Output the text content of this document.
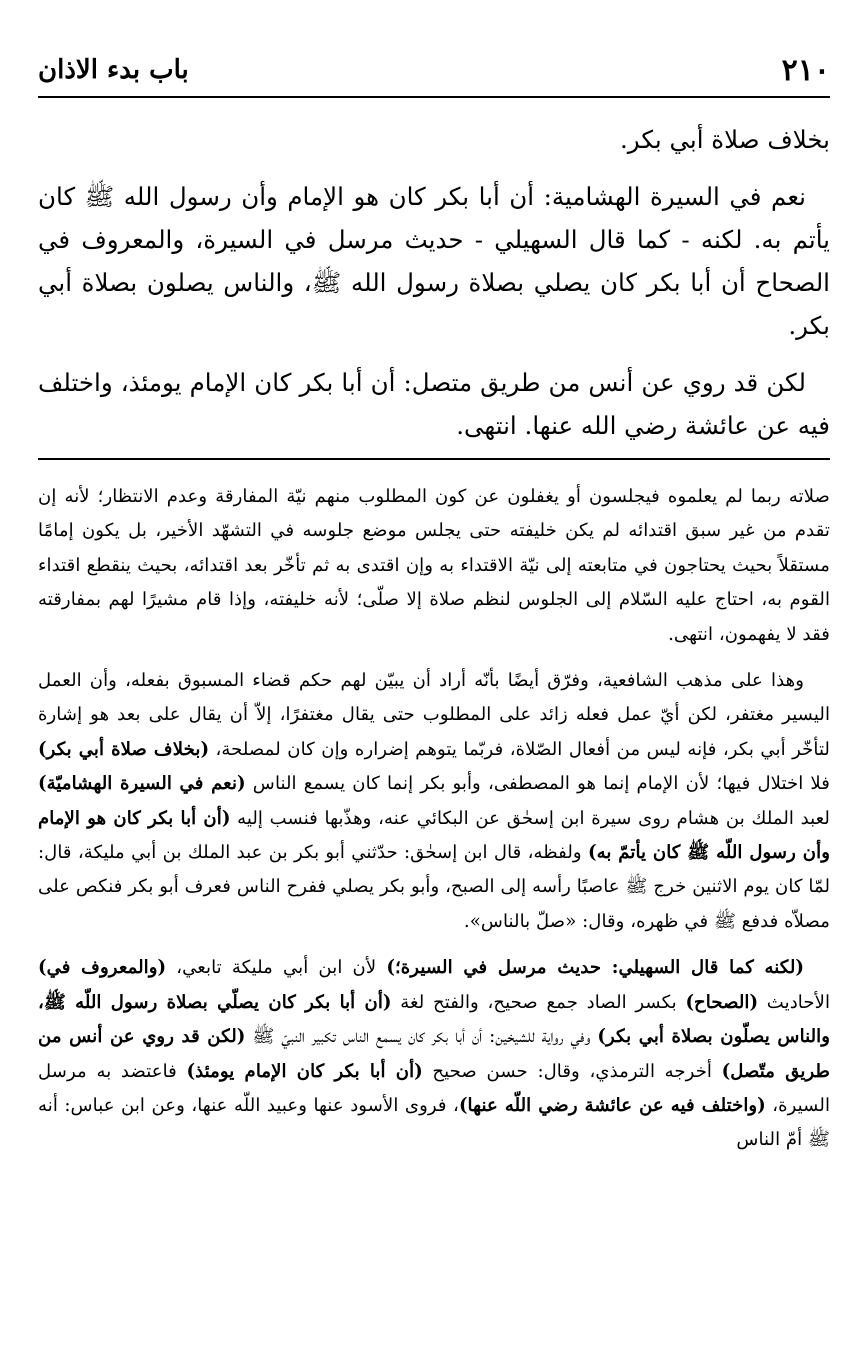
٢١٠
باب بدء الاذان

بخلاف صلاة أبي بكر.

نعم في السيرة الهشامية: أن أبا بكر كان هو الإمام وأن رسول الله ﷺ كان يأتم به. لكنه - كما قال السهيلي - حديث مرسل في السيرة، والمعروف في الصحاح أن أبا بكر كان يصلي بصلاة رسول الله ﷺ، والناس يصلون بصلاة أبي بكر.

لكن قد روي عن أنس من طريق متصل: أن أبا بكر كان الإمام يومئذ، واختلف فيه عن عائشة رضي الله عنها. انتهى.

صلاته ربما لم يعلموه فيجلسون أو يغفلون عن كون المطلوب منهم نيّة المفارقة وعدم الانتظار؛ لأنه إن تقدم من غير سبق اقتدائه لم يكن خليفته حتى يجلس موضع جلوسه في التشهّد الأخير، بل يكون إمامًا مستقلاً بحيث يحتاجون في متابعته إلى نيّة الاقتداء به وإن اقتدى به ثم تأخّر بعد اقتدائه، بحيث ينقطع اقتداء القوم به، احتاج عليه السّلام إلى الجلوس لنظم صلاة إلا صلّى؛ لأنه خليفته، وإذا قام مشيرًا لهم بمفارقته فقد لا يفهمون، انتهى.

وهذا على مذهب الشافعية، وفرّق أيضًا بأنّه أراد أن يبيّن لهم حكم قضاء المسبوق بفعله، وأن العمل اليسير مغتفر، لكن أيّ عمل فعله زائد على المطلوب حتى يقال مغتفرًا، إلاّ أن يقال على بعد هو إشارة لتأخّر أبي بكر، فإنه ليس من أفعال الصّلاة، فربّما يتوهم إضراره وإن كان لمصلحة، (بخلاف صلاة أبي بكر) فلا اختلال فيها؛ لأن الإمام إنما هو المصطفى، وأبو بكر إنما كان يسمع الناس (نعم في السيرة الهشاميّة) لعبد الملك بن هشام روى سيرة ابن إسحٰق عن البكائي عنه، وهذّبها فنسب إليه (أن أبا بكر كان هو الإمام وأن رسول اللّه ﷺ كان يأتمّ به) ولفظه، قال ابن إسحٰق: حدّثني أبو بكر بن عبد الملك بن أبي مليكة، قال: لمّا كان يوم الاثنين خرج ﷺ عاصبًا رأسه إلى الصبح، وأبو بكر يصلي ففرح الناس فعرف أبو بكر فنكص على مصلاّه فدفع ﷺ في ظهره، وقال: «صلّ بالناس».

(لكنه كما قال السهيلي: حديث مرسل في السيرة؛) لأن ابن أبي مليكة تابعي، (والمعروف في) الأحاديث (الصحاح) بكسر الصاد جمع صحيح، والفتح لغة (أن أبا بكر كان يصلّي بصلاة رسول اللّه ﷺ، والناس يصلّون بصلاة أبي بكر) وفي رواية للشيخين: أن أبا بكر كان يسمع الناس تكبير النبيّ ﷺ (لكن قد روي عن أنس من طريق متّصل) أخرجه الترمذي، وقال: حسن صحيح (أن أبا بكر كان الإمام يومئذ) فاعتضد به مرسل السيرة، (واختلف فيه عن عائشة رضي اللّه عنها)، فروى الأسود عنها وعبيد اللّه عنها، وعن ابن عباس: أنه ﷺ أمّ الناس
